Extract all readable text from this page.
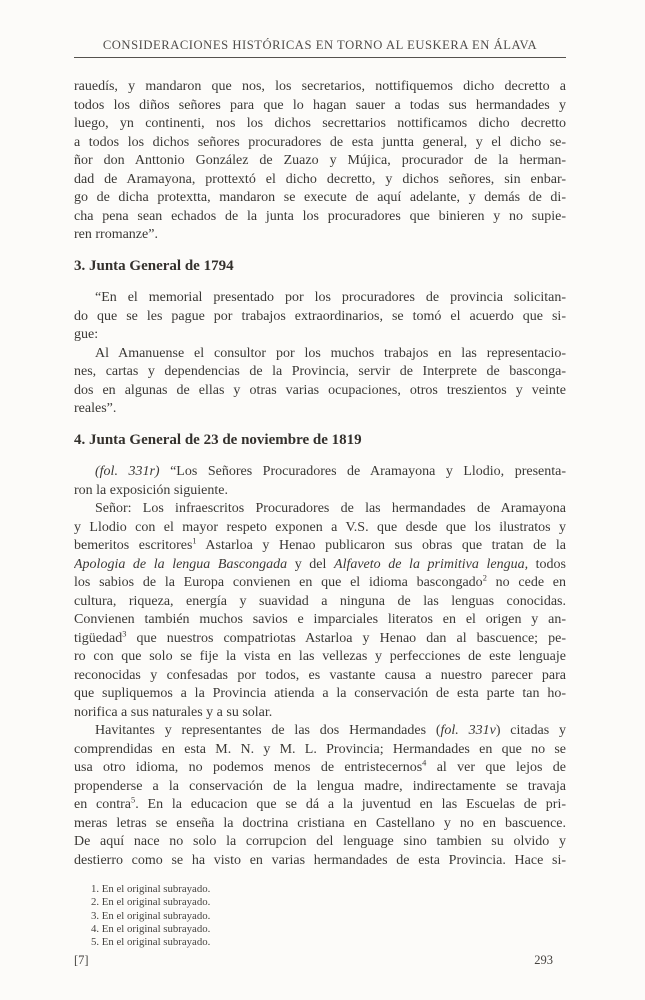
CONSIDERACIONES HISTÓRICAS EN TORNO AL EUSKERA EN ÁLAVA
rauedís, y mandaron que nos, los secretarios, nottifiquemos dicho decretto a
todos los diños señores para que lo hagan sauer a todas sus hermandades y
luego, yn continenti, nos los dichos secrettarios nottificamos dicho decretto
a todos los dichos señores procuradores de esta juntta general, y el dicho se-
ñor don Anttonio González de Zuazo y Mújica, procurador de la herman-
dad de Aramayona, prottextó el dicho decretto, y dichos señores, sin enbar-
go de dicha protextta, mandaron se execute de aquí adelante, y demás de di-
cha pena sean echados de la junta los procuradores que binieren y no supie-
ren rromanze”.
3. Junta General de 1794
“En el memorial presentado por los procuradores de provincia solicitan-
do que se les pague por trabajos extraordinarios, se tomó el acuerdo que si-
gue:
Al Amanuense el consultor por los muchos trabajos en las representacio-
nes, cartas y dependencias de la Provincia, servir de Interprete de basconga-
dos en algunas de ellas y otras varias ocupaciones, otros treszientos y veinte
reales”.
4. Junta General de 23 de noviembre de 1819
(fol. 331r) “Los Señores Procuradores de Aramayona y Llodio, presenta-
ron la exposición siguiente.
Señor: Los infraescritos Procuradores de las hermandades de Aramayona
y Llodio con el mayor respeto exponen a V.S. que desde que los ilustratos y
bemeritos escritores$^1$ Astarloa y Henao publicaron sus obras que tratan de la
Apologia de la lengua Bascongada y del Alfaveto de la primitiva lengua, todos
los sabios de la Europa convienen en que el idioma bascongado$^2$ no cede en
cultura, riqueza, energía y suavidad a ninguna de las lenguas conocidas.
Convienen también muchos savios e imparciales literatos en el origen y an-
tigüedad$^3$ que nuestros compatriotas Astarloa y Henao dan al bascuence; pe-
ro con que solo se fije la vista en las vellezas y perfecciones de este lenguaje
reconocidas y confesadas por todos, es vastante causa a nuestro parecer para
que supliquemos a la Provincia atienda a la conservación de esta parte tan ho-
norifica a sus naturales y a su solar.
Havitantes y representantes de las dos Hermandades (fol. 331v) citadas y
comprendidas en esta M. N. y M. L. Provincia; Hermandades en que no se
usa otro idioma, no podemos menos de entristecernos$^4$ al ver que lejos de
propenderse a la conservación de la lengua madre, indirectamente se travaja
en contra$^5$. En la educacion que se dá a la juventud en las Escuelas de pri-
meras letras se enseña la doctrina cristiana en Castellano y no en bascuence.
De aquí nace no solo la corrupcion del lenguage sino tambien su olvido y
destierro como se ha visto en varias hermandades de esta Provincia. Hace si-
1. En el original subrayado.
2. En el original subrayado.
3. En el original subrayado.
4. En el original subrayado.
5. En el original subrayado.
[7]	293
